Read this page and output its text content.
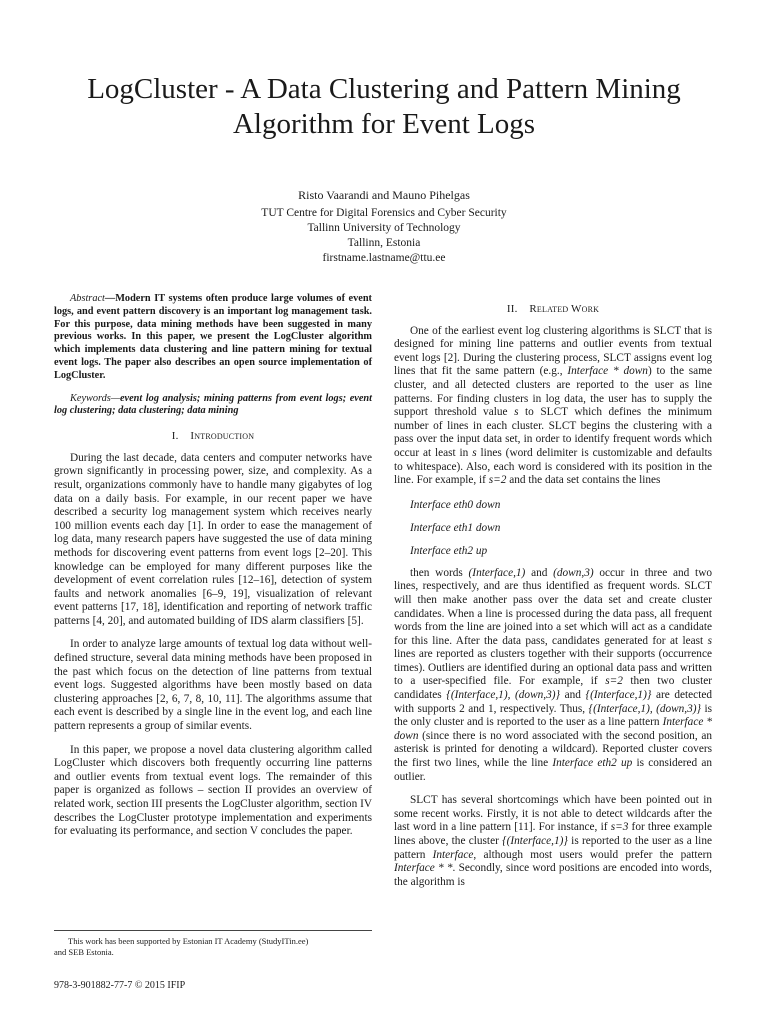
LogCluster - A Data Clustering and Pattern Mining Algorithm for Event Logs
Risto Vaarandi and Mauno Pihelgas
TUT Centre for Digital Forensics and Cyber Security
Tallinn University of Technology
Tallinn, Estonia
firstname.lastname@ttu.ee

Abstract—Modern IT systems often produce large volumes of event logs, and event pattern discovery is an important log management task. For this purpose, data mining methods have been suggested in many previous works. In this paper, we present the LogCluster algorithm which implements data clustering and line pattern mining for textual event logs. The paper also describes an open source implementation of LogCluster.

Keywords—event log analysis; mining patterns from event logs; event log clustering; data clustering; data mining

I. Introduction

During the last decade, data centers and computer networks have grown significantly in processing power, size, and complexity. As a result, organizations commonly have to handle many gigabytes of log data on a daily basis. For example, in our recent paper we have described a security log management system which receives nearly 100 million events each day [1]. In order to ease the management of log data, many research papers have suggested the use of data mining methods for discovering event patterns from event logs [2–20]. This knowledge can be employed for many different purposes like the development of event correlation rules [12–16], detection of system faults and network anomalies [6–9, 19], visualization of relevant event patterns [17, 18], identification and reporting of network traffic patterns [4, 20], and automated building of IDS alarm classifiers [5].

In order to analyze large amounts of textual log data without well-defined structure, several data mining methods have been proposed in the past which focus on the detection of line patterns from textual event logs. Suggested algorithms have been mostly based on data clustering approaches [2, 6, 7, 8, 10, 11]. The algorithms assume that each event is described by a single line in the event log, and each line pattern represents a group of similar events.

In this paper, we propose a novel data clustering algorithm called LogCluster which discovers both frequently occurring line patterns and outlier events from textual event logs. The remainder of this paper is organized as follows – section II provides an overview of related work, section III presents the LogCluster algorithm, section IV describes the LogCluster prototype implementation and experiments for evaluating its performance, and section V concludes the paper.

This work has been supported by Estonian IT Academy (StudyITin.ee)
and SEB Estonia.
978-3-901882-77-7 © 2015 IFIP
II. Related Work

One of the earliest event log clustering algorithms is SLCT that is designed for mining line patterns and outlier events from textual event logs [2]. During the clustering process, SLCT assigns event log lines that fit the same pattern (e.g., Interface * down) to the same cluster, and all detected clusters are reported to the user as line patterns. For finding clusters in log data, the user has to supply the support threshold value s to SLCT which defines the minimum number of lines in each cluster. SLCT begins the clustering with a pass over the input data set, in order to identify frequent words which occur at least in s lines (word delimiter is customizable and defaults to whitespace). Also, each word is considered with its position in the line. For example, if s=2 and the data set contains the lines

Interface eth0 down
Interface eth1 down
Interface eth2 up

then words (Interface,1) and (down,3) occur in three and two lines, respectively, and are thus identified as frequent words. SLCT will then make another pass over the data set and create cluster candidates. When a line is processed during the data pass, all frequent words from the line are joined into a set which will act as a candidate for this line. After the data pass, candidates generated for at least s lines are reported as clusters together with their supports (occurrence times). Outliers are identified during an optional data pass and written to a user-specified file. For example, if s=2 then two cluster candidates {(Interface,1), (down,3)} and {(Interface,1)} are detected with supports 2 and 1, respectively. Thus, {(Interface,1), (down,3)} is the only cluster and is reported to the user as a line pattern Interface * down (since there is no word associated with the second position, an asterisk is printed for denoting a wildcard). Reported cluster covers the first two lines, while the line Interface eth2 up is considered an outlier.

SLCT has several shortcomings which have been pointed out in some recent works. Firstly, it is not able to detect wildcards after the last word in a line pattern [11]. For instance, if s=3 for three example lines above, the cluster {(Interface,1)} is reported to the user as a line pattern Interface, although most users would prefer the pattern Interface * *. Secondly, since word positions are encoded into words, the algorithm is
